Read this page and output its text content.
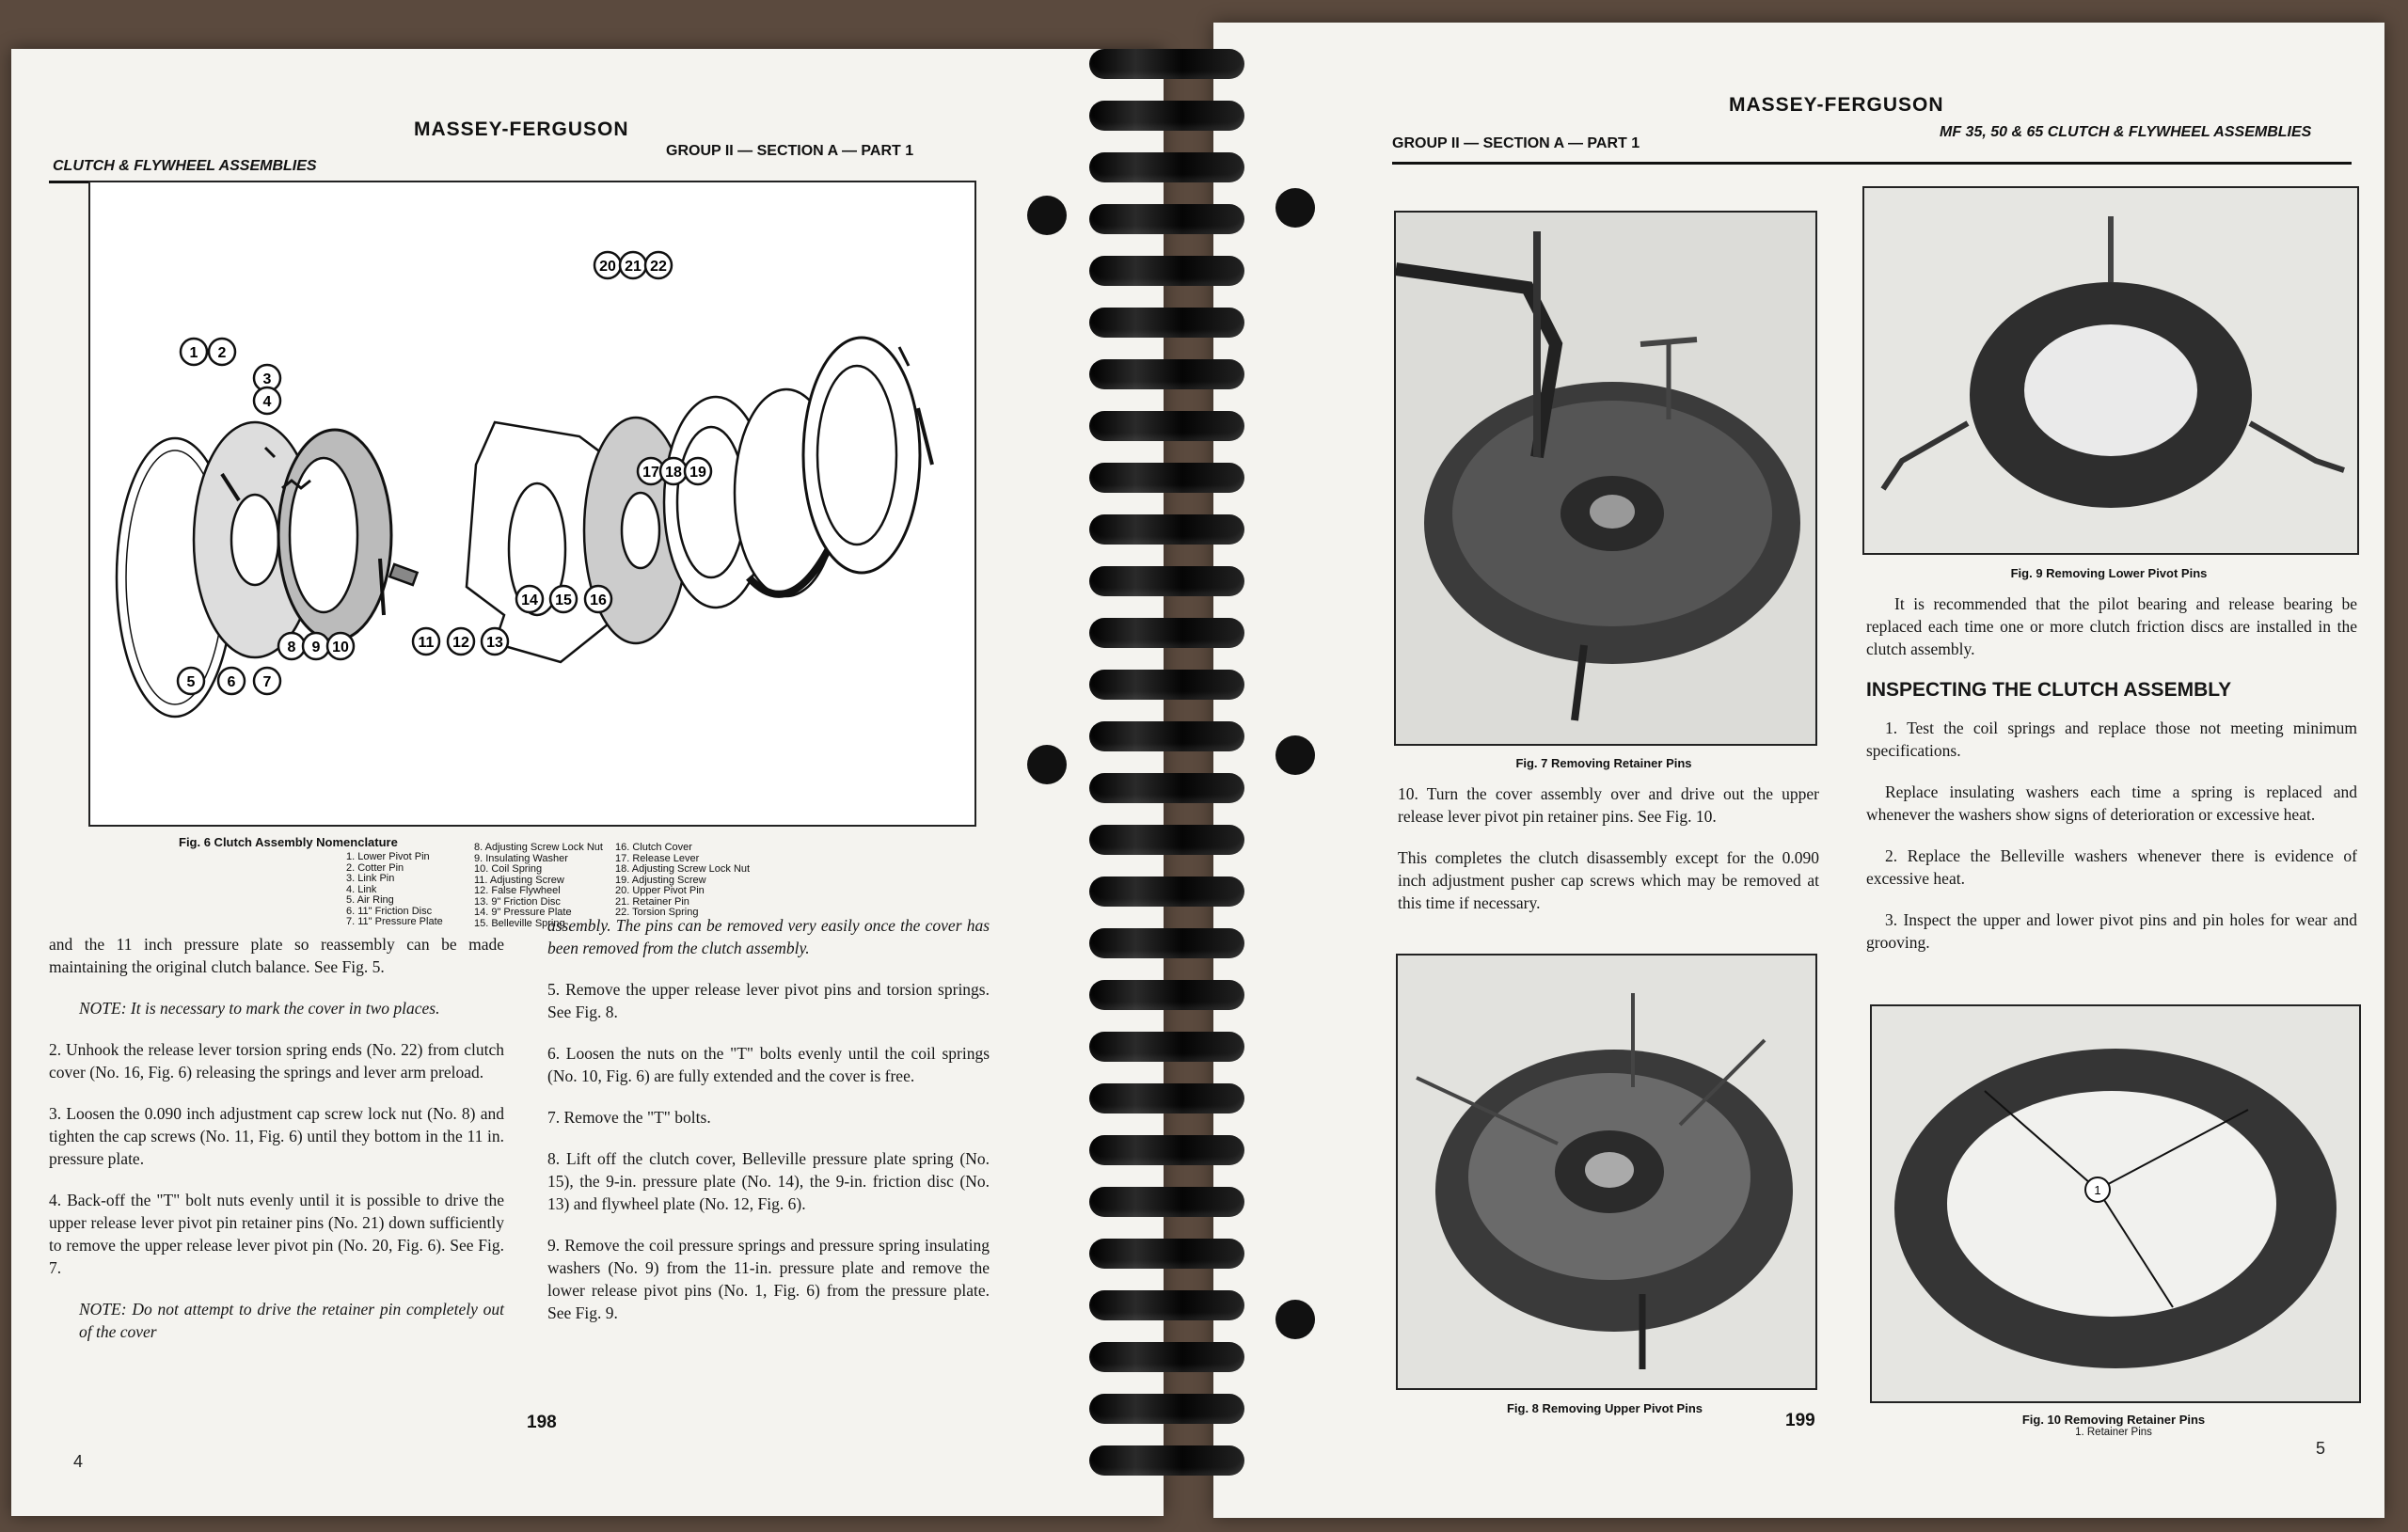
MASSEY-FERGUSON
CLUTCH & FLYWHEEL ASSEMBLIES
GROUP II — SECTION A — PART 1
1 2
3
4
5 6 7
8 9 10	11 12 13
14 15 16
17 18 19
20 21 22
Fig. 6 Clutch Assembly Nomenclature
1. Lower Pivot Pin
2. Cotter Pin
3. Link Pin
4. Link
5. Air Ring
6. 11" Friction Disc
7. 11" Pressure Plate
8. Adjusting Screw Lock Nut
9. Insulating Washer
10. Coil Spring
11. Adjusting Screw
12. False Flywheel
13. 9" Friction Disc
14. 9" Pressure Plate
15. Belleville Spring
16. Clutch Cover
17. Release Lever
18. Adjusting Screw Lock Nut
19. Adjusting Screw
20. Upper Pivot Pin
21. Retainer Pin
22. Torsion Spring

and the 11 inch pressure plate so reassembly can be made maintaining the original clutch balance. See Fig. 5.

NOTE: It is necessary to mark the cover in two places.

2. Unhook the release lever torsion spring ends (No. 22) from clutch cover (No. 16, Fig. 6) releasing the springs and lever arm preload.

3. Loosen the 0.090 inch adjustment cap screw lock nut (No. 8) and tighten the cap screws (No. 11, Fig. 6) until they bottom in the 11 in. pressure plate.

4. Back-off the "T" bolt nuts evenly until it is possible to drive the upper release lever pivot pin retainer pins (No. 21) down sufficiently to remove the upper release lever pivot pin (No. 20, Fig. 6). See Fig. 7.

NOTE: Do not attempt to drive the retainer pin completely out of the cover

assembly. The pins can be removed very easily once the cover has been removed from the clutch assembly.

5. Remove the upper release lever pivot pins and torsion springs. See Fig. 8.

6. Loosen the nuts on the "T" bolts evenly until the coil springs (No. 10, Fig. 6) are fully extended and the cover is free.

7. Remove the "T" bolts.

8. Lift off the clutch cover, Belleville pressure plate spring (No. 15), the 9-in. pressure plate (No. 14), the 9-in. friction disc (No. 13) and flywheel plate (No. 12, Fig. 6).

9. Remove the coil pressure springs and pressure spring insulating washers (No. 9) from the 11-in. pressure plate and remove the lower release pivot pins (No. 1, Fig. 6) from the pressure plate. See Fig. 9.

198
4
MASSEY-FERGUSON
GROUP II — SECTION A — PART 1
MF 35, 50 & 65 CLUTCH & FLYWHEEL ASSEMBLIES
Fig. 7 Removing Retainer Pins
Fig. 8 Removing Upper Pivot Pins
Fig. 9 Removing Lower Pivot Pins
1
Fig. 10 Removing Retainer Pins
1. Retainer Pins

10. Turn the cover assembly over and drive out the upper release lever pivot pin retainer pins. See Fig. 10.

This completes the clutch disassembly except for the 0.090 inch adjustment pusher cap screws which may be removed at this time if necessary.

It is recommended that the pilot bearing and release bearing be replaced each time one or more clutch friction discs are installed in the clutch assembly.

INSPECTING THE CLUTCH ASSEMBLY

1. Test the coil springs and replace those not meeting minimum specifications.

Replace insulating washers each time a spring is replaced and whenever the washers show signs of deterioration or excessive heat.

2. Replace the Belleville washers whenever there is evidence of excessive heat.

3. Inspect the upper and lower pivot pins and pin holes for wear and grooving.

199
5
